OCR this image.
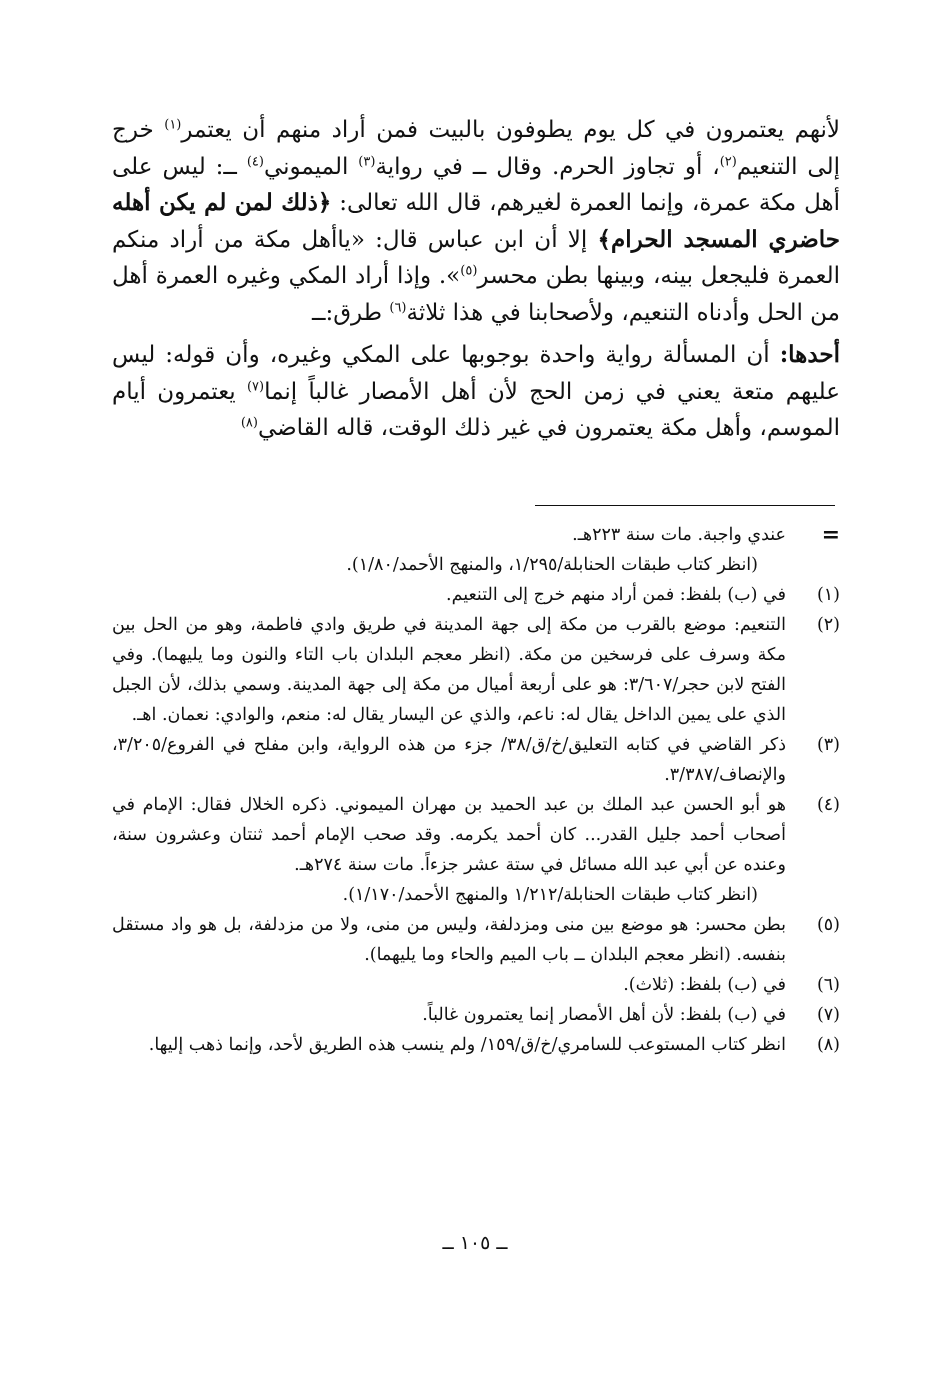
لأنهم يعتمرون في كل يوم يطوفون بالبيت فمن أراد منهم أن يعتمر$^{(١)}$ خرج إلى التنعيم$^{(٢)}$، أو تجاوز الحرم. وقال ــ في رواية$^{(٣)}$ الميموني$^{(٤)}$ ــ: ليس على أهل مكة عمرة، وإنما العمرة لغيرهم، قال الله تعالى: ﴿ذلك لمن لم يكن أهله حاضري المسجد الحرام﴾ إلا أن ابن عباس قال: «ياأهل مكة من أراد منكم العمرة فليجعل بينه، وبينها بطن محسر$^{(٥)}$». وإذا أراد المكي وغيره العمرة أهل من الحل وأدناه التنعيم، ولأصحابنا في هذا ثلاثة$^{(٦)}$ طرق:ــ

أحدها: أن المسألة رواية واحدة بوجوبها على المكي وغيره، وأن قوله: ليس عليهم متعة يعني في زمن الحج لأن أهل الأمصار غالباً إنما$^{(٧)}$ يعتمرون أيام الموسم، وأهل مكة يعتمرون في غير ذلك الوقت، قاله القاضي$^{(٨)}$

=
عندي واجبة. مات سنة ٢٢٣هـ.
(انظر كتاب طبقات الحنابلة/١/٢٩٥، والمنهج الأحمد/١/٨٠).
(١)
في (ب) بلفظ: فمن أراد منهم خرج إلى التنعيم.
(٢)
التنعيم: موضع بالقرب من مكة إلى جهة المدينة في طريق وادي فاطمة، وهو من الحل بين مكة وسرف على فرسخين من مكة. (انظر معجم البلدان باب التاء والنون وما يليهما). وفي الفتح لابن حجر/٣/٦٠٧: هو على أربعة أميال من مكة إلى جهة المدينة. وسمي بذلك، لأن الجبل الذي على يمين الداخل يقال له: ناعم، والذي عن اليسار يقال له: منعم، والوادي: نعمان. اهـ.
(٣)
ذكر القاضي في كتابه التعليق/خ/ق/٣٨/ جزء من هذه الرواية، وابن مفلح في الفروع/٣/٢٠٥، والإنصاف/٣/٣٨٧.
(٤)
هو أبو الحسن عبد الملك بن عبد الحميد بن مهران الميموني. ذكره الخلال فقال: الإمام في أصحاب أحمد جليل القدر... كان أحمد يكرمه. وقد صحب الإمام أحمد ثنتان وعشرون سنة، وعنده عن أبي عبد الله مسائل في ستة عشر جزءاً. مات سنة ٢٧٤هـ.
(انظر كتاب طبقات الحنابلة/١/٢١٢ والمنهج الأحمد/١/١٧٠).
(٥)
بطن محسر: هو موضع بين منى ومزدلفة، وليس من منى، ولا من مزدلفة، بل هو واد مستقل بنفسه. (انظر معجم البلدان ــ باب الميم والحاء وما يليهما).
(٦)
في (ب) بلفظ: (ثلاث).
(٧)
في (ب) بلفظ: لأن أهل الأمصار إنما يعتمرون غالباً.
(٨)
انظر كتاب المستوعب للسامري/خ/ق/١٥٩/ ولم ينسب هذه الطريق لأحد، وإنما ذهب إليها.
ــ ١٠٥ ــ
